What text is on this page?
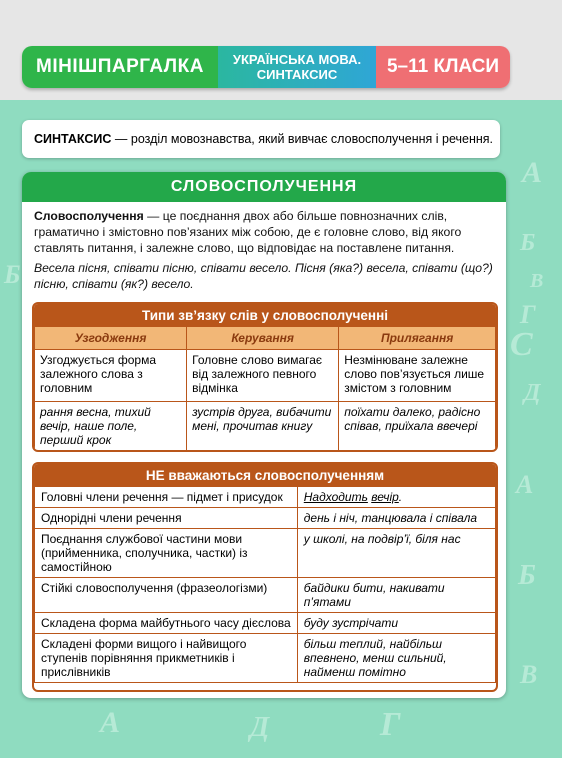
МІНІШПАРГАЛКА	УКРАЇНСЬКА МОВА.
СИНТАКСИС	5–11 КЛАСИ
А
Б
В
Г
Д
С
А
Б
В
Г
А	Д
Б
СИНТАКСИС — розділ мовознавства, який вивчає словосполучення і речення.
СЛОВОСПОЛУЧЕННЯ
Словосполучення — це поєднання двох або більше повнозначних слів, граматично і змістовно пов’язаних між собою, де є головне слово, від якого ставлять питання, і залежне слово, що відповідає на поставлене питання.
Весела пісня, співати пісню, співати весело. Пісня (яка?) весела, співати (що?) пісню, співати (як?) весело.
Типи зв’язку слів у словосполученні
Узгодження	Керування	Прилягання
Узгоджується форма залежного слова з головним	Головне слово вимагає від залежного певного відмінка	Незмінюване залежне слово пов’язується лише змістом з головним
рання весна, тихий вечір, наше поле, перший крок	зустрів друга, вибачити мені, прочитав книгу	поїхати далеко, радісно співав, приїхала ввечері
НЕ вважаються словосполученням
Головні члени речення — підмет і присудок	Надходить вечір.
Однорідні члени речення	день і ніч, танцювала і співала
Поєднання службової частини мови (прийменника, сполучника, частки) із самостійною	у школі, на подвір’ї, біля нас
Стійкі словосполучення (фразеологізми)	байдики бити, накивати п’ятами
Складена форма майбутнього часу дієслова	буду зустрічати
Складені форми вищого і найвищого ступенів порівняння прикметників і прислівників	більш теплий, найбільш впевнено, менш сильний, найменш помітно
